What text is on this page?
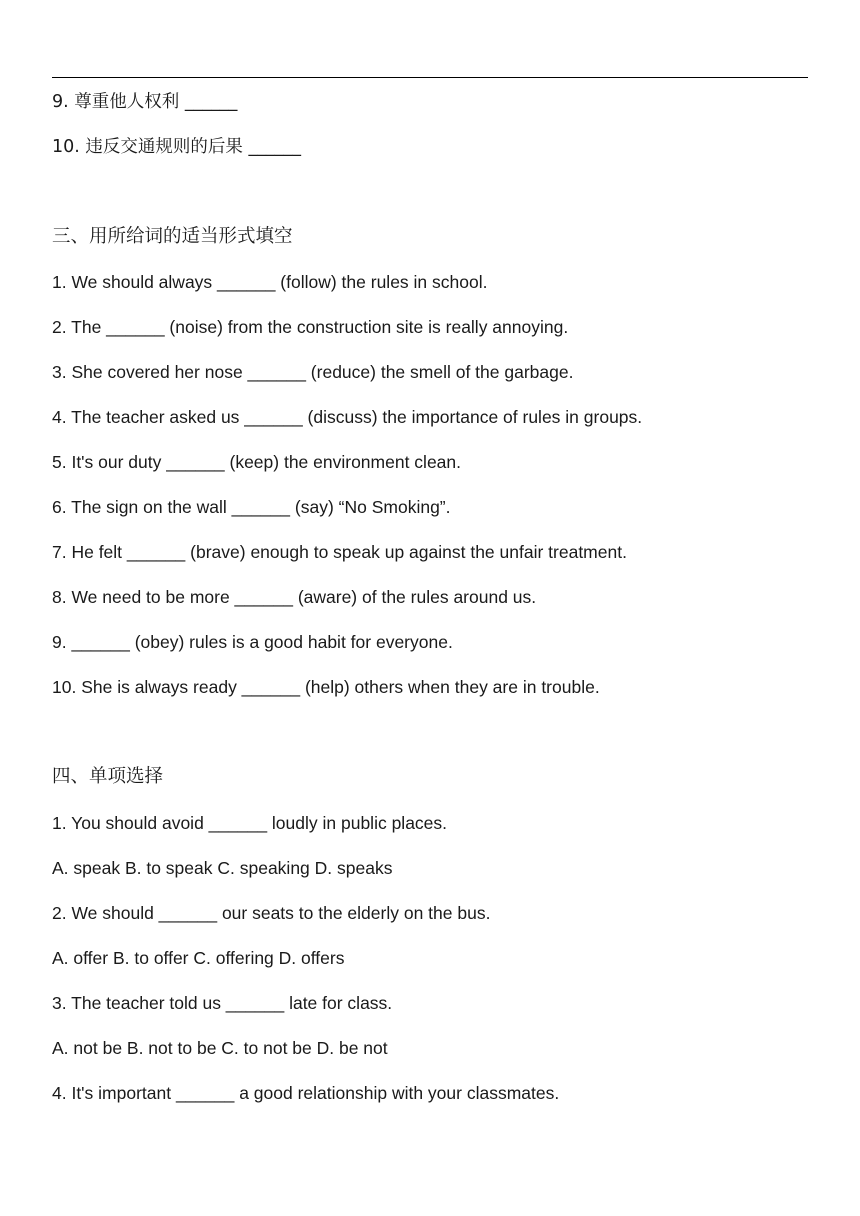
9. 尊重他人权利 ______
10. 违反交通规则的后果 ______
三、用所给词的适当形式填空
1. We should always ______ (follow) the rules in school.
2. The ______ (noise) from the construction site is really annoying.
3. She covered her nose ______ (reduce) the smell of the garbage.
4. The teacher asked us ______ (discuss) the importance of rules in groups.
5. It's our duty ______ (keep) the environment clean.
6. The sign on the wall ______ (say) “No Smoking”.
7. He felt ______ (brave) enough to speak up against the unfair treatment.
8. We need to be more ______ (aware) of the rules around us.
9. ______ (obey) rules is a good habit for everyone.
10. She is always ready ______ (help) others when they are in trouble.
四、单项选择
1. You should avoid ______ loudly in public places.
A. speak B. to speak C. speaking D. speaks
2. We should ______ our seats to the elderly on the bus.
A. offer B. to offer C. offering D. offers
3. The teacher told us ______ late for class.
A. not be B. not to be C. to not be D. be not
4. It's important ______ a good relationship with your classmates.
